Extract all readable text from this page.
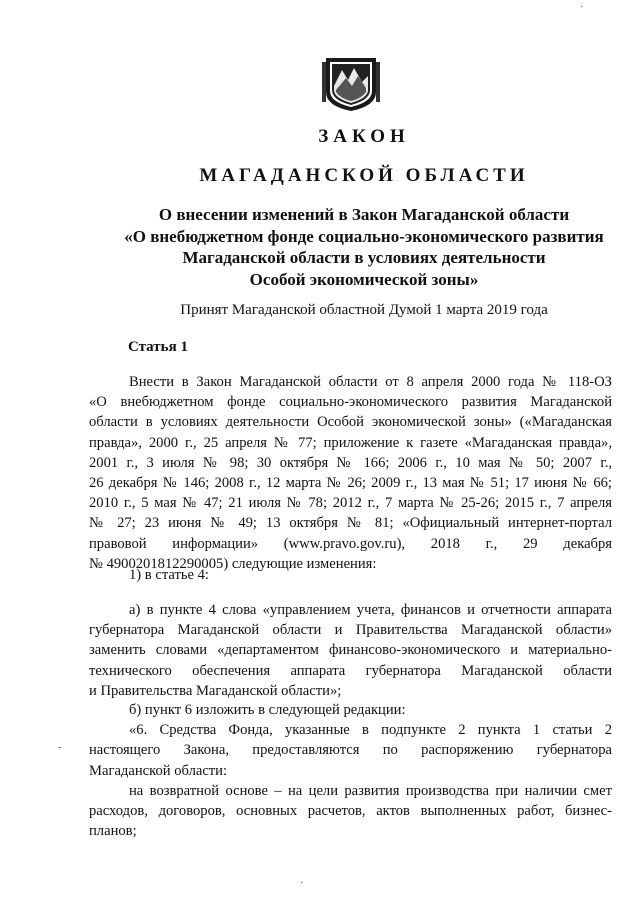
ЗАКОН
МАГАДАНСКОЙ ОБЛАСТИ
О внесении изменений в Закон Магаданской области
«О внебюджетном фонде социально-экономического развития
Магаданской области в условиях деятельности
Особой экономической зоны»
Принят Магаданской областной Думой 1 марта 2019 года
Статья 1
Внести в Закон Магаданской области от 8 апреля 2000 года № 118-ОЗ
«О внебюджетном фонде социально-экономического развития Магаданской
области в условиях деятельности Особой экономической зоны» («Магаданская
правда», 2000 г., 25 апреля № 77; приложение к газете «Магаданская правда»,
2001 г., 3 июля № 98; 30 октября № 166; 2006 г., 10 мая № 50; 2007 г.,
26 декабря № 146; 2008 г., 12 марта № 26; 2009 г., 13 мая № 51; 17 июня № 66;
2010 г., 5 мая № 47; 21 июля № 78; 2012 г., 7 марта № 25-26; 2015 г., 7 апреля
№ 27; 23 июня № 49; 13 октября № 81; «Официальный интернет-портал
правовой информации» (www.pravo.gov.ru), 2018 г., 29 декабря
№ 4900201812290005) следующие изменения:
1) в статье 4:
а) в пункте 4 слова «управлением учета, финансов и отчетности аппарата
губернатора Магаданской области и Правительства Магаданской области»
заменить словами «департаментом финансово-экономического и материально-
технического обеспечения аппарата губернатора Магаданской области
и Правительства Магаданской области»;
б) пункт 6 изложить в следующей редакции:
«6. Средства Фонда, указанные в подпункте 2 пункта 1 статьи 2
настоящего Закона, предоставляются по распоряжению губернатора
Магаданской области:
на возвратной основе – на цели развития производства при наличии смет
расходов, договоров, основных расчетов, актов выполненных работ, бизнес-
планов;
·
-
·
